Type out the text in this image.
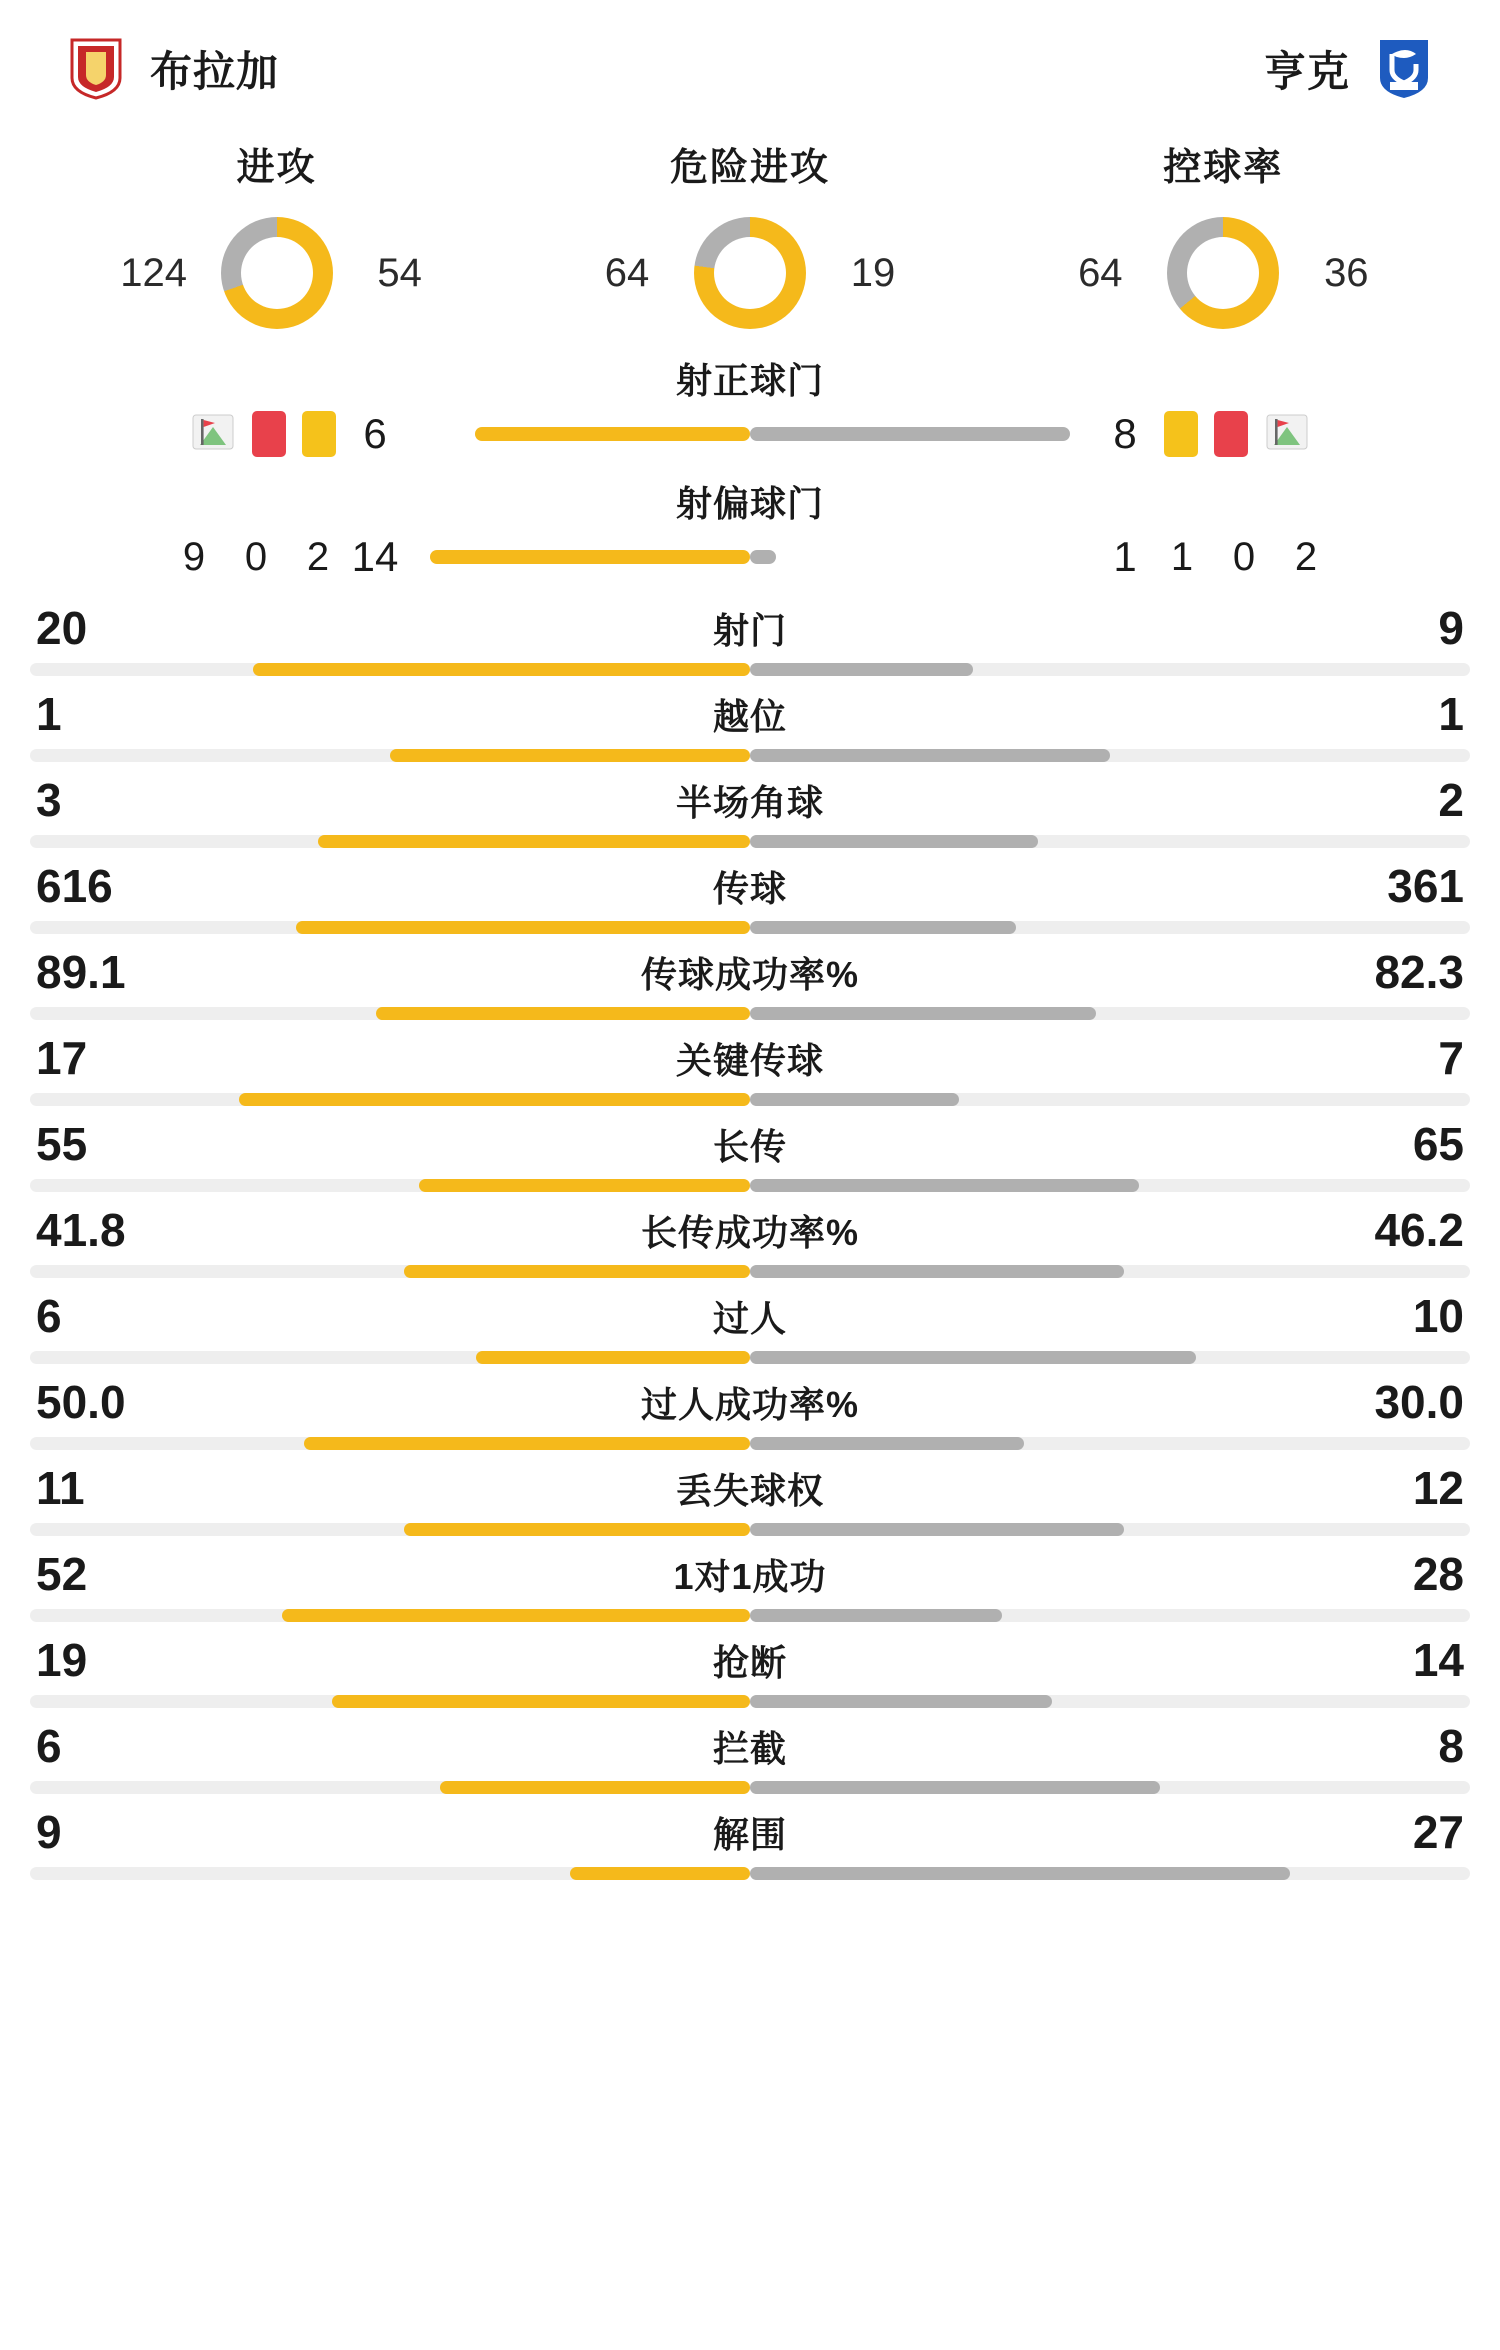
布拉加	亨克
进攻
124	54
危险进攻
64	19
控球率
64	36
射正球门
6	8
射偏球门
9 0 2 14	1 1 0 2
20	射门	9
1	越位	1
3	半场角球	2
616	传球	361
89.1	传球成功率%	82.3
17	关键传球	7
55	长传	65
41.8	长传成功率%	46.2
6	过人	10
50.0	过人成功率%	30.0
11	丢失球权	12
52	1对1成功	28
19	抢断	14
6	拦截	8
9	解围	27
